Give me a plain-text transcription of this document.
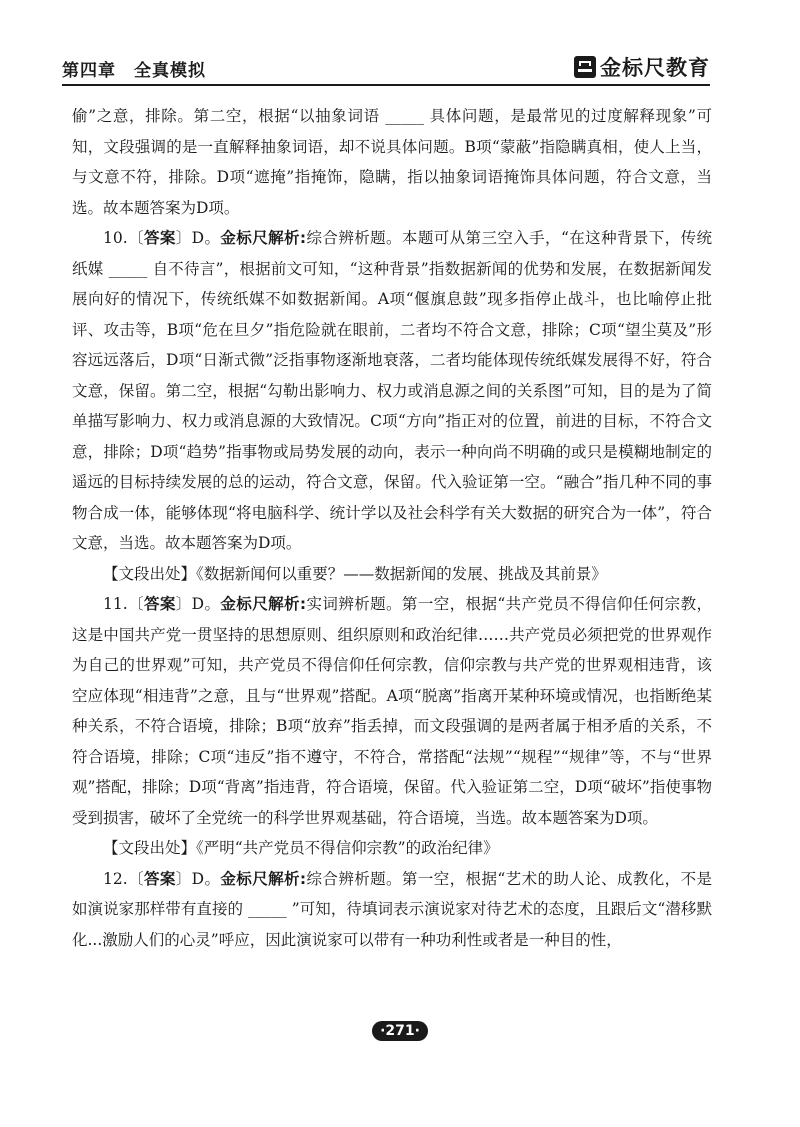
第四章　全真模拟	金标尺教育

偷”之意，排除。第二空，根据“以抽象词语 _____ 具体问题，是最常见的过度解释现象”可知，文段强调的是一直解释抽象词语，却不说具体问题。B项“蒙蔽”指隐瞒真相，使人上当，与文意不符，排除。D项“遮掩”指掩饰，隐瞒，指以抽象词语掩饰具体问题，符合文意，当选。故本题答案为D项。

10.〔答案〕D。金标尺解析:综合辨析题。本题可从第三空入手，“在这种背景下，传统纸媒 _____ 自不待言”，根据前文可知，“这种背景”指数据新闻的优势和发展，在数据新闻发展向好的情况下，传统纸媒不如数据新闻。A项“偃旗息鼓”现多指停止战斗，也比喻停止批评、攻击等，B项“危在旦夕”指危险就在眼前，二者均不符合文意，排除；C项“望尘莫及”形容远远落后，D项“日渐式微”泛指事物逐渐地衰落，二者均能体现传统纸媒发展得不好，符合文意，保留。第二空，根据“勾勒出影响力、权力或消息源之间的关系图”可知，目的是为了简单描写影响力、权力或消息源的大致情况。C项“方向”指正对的位置，前进的目标，不符合文意，排除；D项“趋势”指事物或局势发展的动向，表示一种向尚不明确的或只是模糊地制定的遥远的目标持续发展的总的运动，符合文意，保留。代入验证第一空。“融合”指几种不同的事物合成一体，能够体现“将电脑科学、统计学以及社会科学有关大数据的研究合为一体”，符合文意，当选。故本题答案为D项。

【文段出处】《数据新闻何以重要？——数据新闻的发展、挑战及其前景》

11.〔答案〕D。金标尺解析:实词辨析题。第一空，根据“共产党员不得信仰任何宗教，这是中国共产党一贯坚持的思想原则、组织原则和政治纪律……共产党员必须把党的世界观作为自己的世界观”可知，共产党员不得信仰任何宗教，信仰宗教与共产党的世界观相违背，该空应体现“相违背”之意，且与“世界观”搭配。A项“脱离”指离开某种环境或情况，也指断绝某种关系，不符合语境，排除；B项“放弃”指丢掉，而文段强调的是两者属于相矛盾的关系，不符合语境，排除；C项“违反”指不遵守，不符合，常搭配“法规”“规程”“规律”等，不与“世界观”搭配，排除；D项“背离”指违背，符合语境，保留。代入验证第二空，D项“破坏”指使事物受到损害，破坏了全党统一的科学世界观基础，符合语境，当选。故本题答案为D项。

【文段出处】《严明“共产党员不得信仰宗教”的政治纪律》

12.〔答案〕D。金标尺解析:综合辨析题。第一空，根据“艺术的助人论、成教化，不是如演说家那样带有直接的 _____ ”可知，待填词表示演说家对待艺术的态度，且跟后文“潜移默化...激励人们的心灵”呼应，因此演说家可以带有一种功利性或者是一种目的性，

·271·
